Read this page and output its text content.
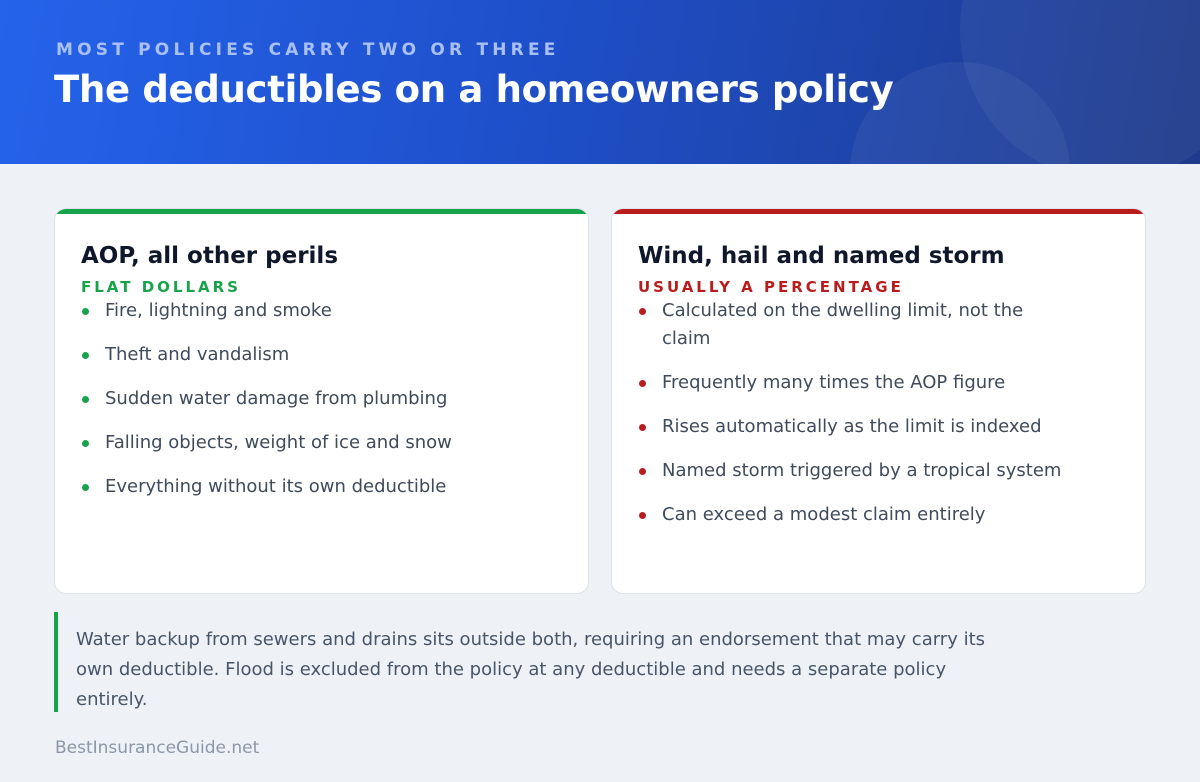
MOST POLICIES CARRY TWO OR THREE
The deductibles on a homeowners policy
AOP, all other perils
FLAT DOLLARS
Fire, lightning and smoke
Theft and vandalism
Sudden water damage from plumbing
Falling objects, weight of ice and snow
Everything without its own deductible
Wind, hail and named storm
USUALLY A PERCENTAGE
Calculated on the dwelling limit, not the claim
Frequently many times the AOP figure
Rises automatically as the limit is indexed
Named storm triggered by a tropical system
Can exceed a modest claim entirely

Water backup from sewers and drains sits outside both, requiring an endorsement that may carry its own deductible. Flood is excluded from the policy at any deductible and needs a separate policy entirely.

BestInsuranceGuide.net
